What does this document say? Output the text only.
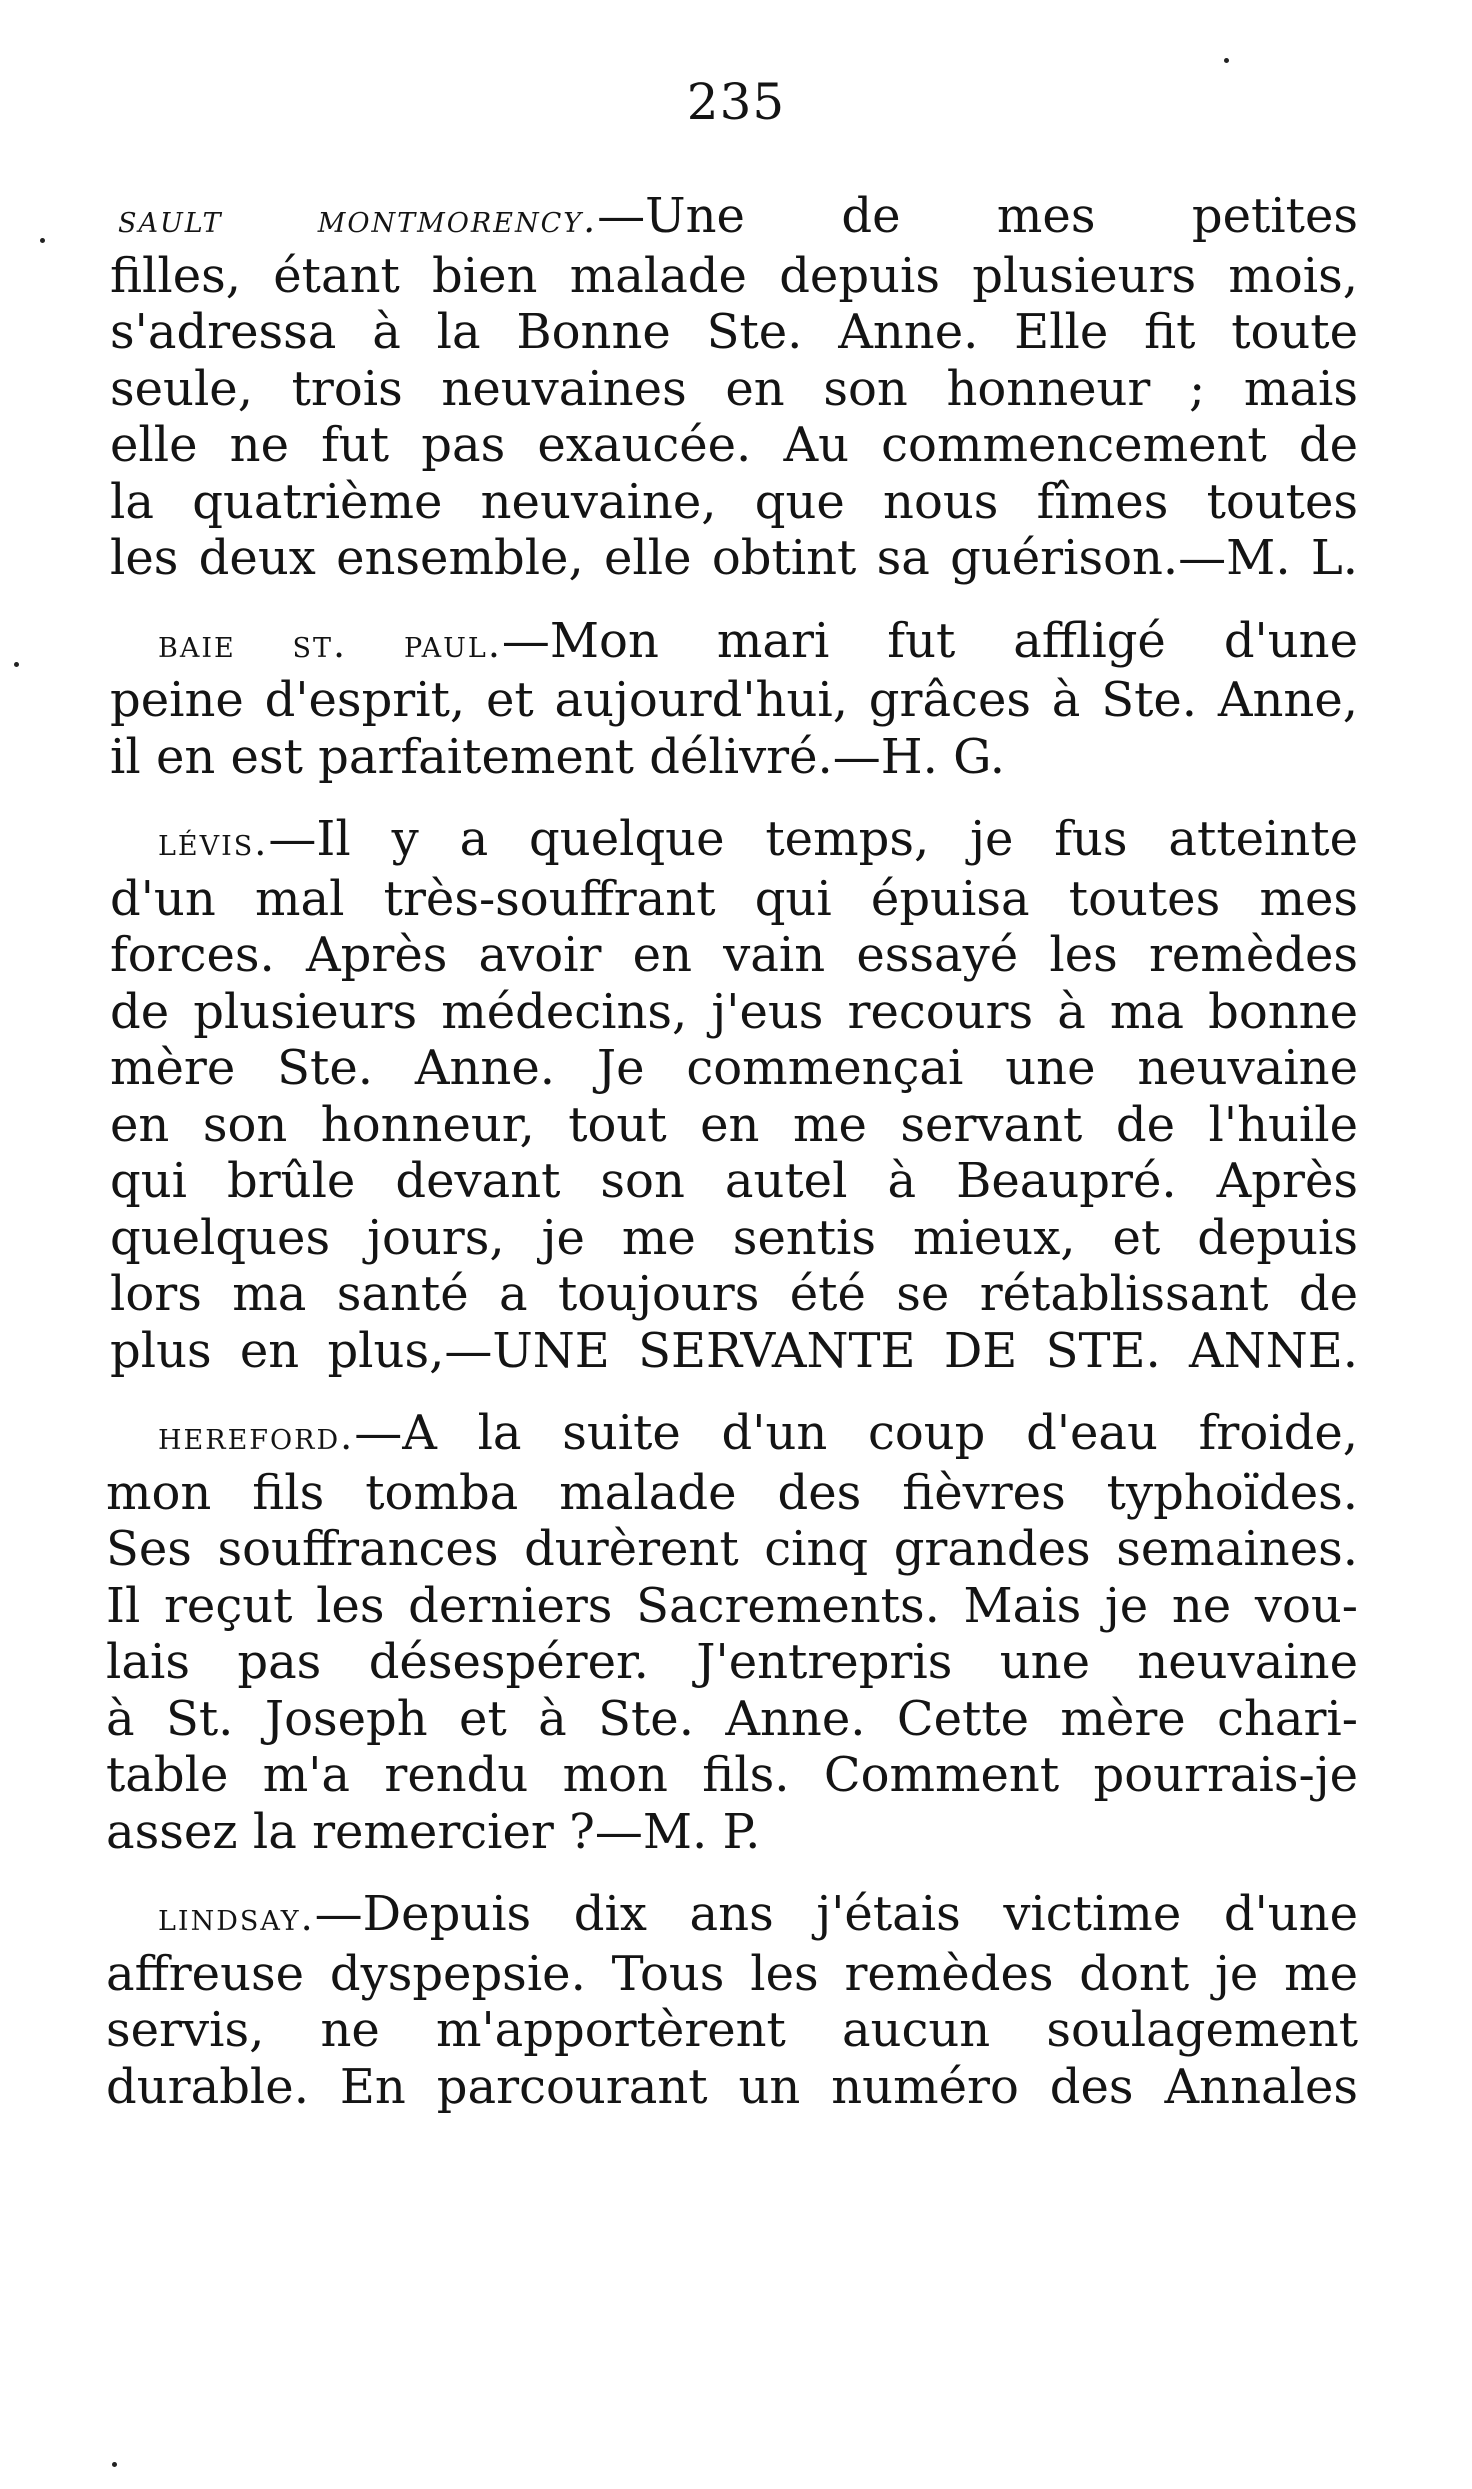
235
sault montmorency.—Une de mes petites
filles, étant bien malade depuis plusieurs mois,
s'adressa à la Bonne Ste. Anne. Elle fit toute
seule, trois neuvaines en son honneur ; mais
elle ne fut pas exaucée. Au commencement de
la quatrième neuvaine, que nous fîmes toutes
les deux ensemble, elle obtint sa guérison.—M. L.
baie st. paul.—Mon mari fut affligé d'une
peine d'esprit, et aujourd'hui, grâces à Ste. Anne,
il en est parfaitement délivré.—H. G.
lévis.—Il y a quelque temps, je fus atteinte
d'un mal très-souffrant qui épuisa toutes mes
forces. Après avoir en vain essayé les remèdes
de plusieurs médecins, j'eus recours à ma bonne
mère Ste. Anne. Je commençai une neuvaine
en son honneur, tout en me servant de l'huile
qui brûle devant son autel à Beaupré. Après
quelques jours, je me sentis mieux, et depuis
lors ma santé a toujours été se rétablissant de
plus en plus,—UNE SERVANTE DE STE. ANNE.
hereford.—A la suite d'un coup d'eau froide,
mon fils tomba malade des fièvres typhoïdes.
Ses souffrances durèrent cinq grandes semaines.
Il reçut les derniers Sacrements. Mais je ne vou-
lais pas désespérer. J'entrepris une neuvaine
à St. Joseph et à Ste. Anne. Cette mère chari-
table m'a rendu mon fils. Comment pourrais-je
assez la remercier ?—M. P.
lindsay.—Depuis dix ans j'étais victime d'une
affreuse dyspepsie. Tous les remèdes dont je me
servis, ne m'apportèrent aucun soulagement
durable. En parcourant un numéro des Annales
